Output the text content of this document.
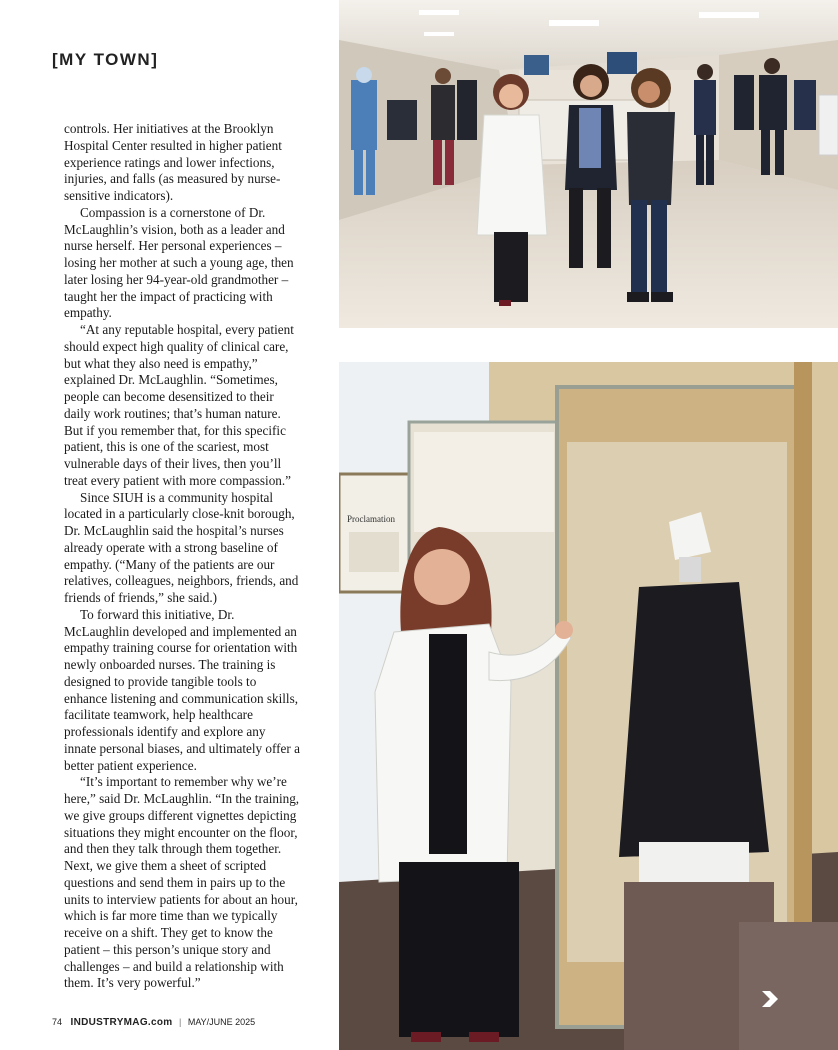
[MY TOWN]

controls. Her initiatives at the Brooklyn Hospital Center resulted in higher patient experience ratings and lower infections, injuries, and falls (as measured by nurse-sensitive indicators).

Compassion is a cornerstone of Dr. McLaughlin’s vision, both as a leader and nurse herself. Her personal experiences – losing her mother at such a young age, then later losing her 94-year-old grandmother – taught her the impact of practicing with empathy.

“At any reputable hospital, every patient should expect high quality of clinical care, but what they also need is empathy,” explained Dr. McLaughlin. “Sometimes, people can become desensitized to their daily work routines; that’s human nature. But if you remember that, for this specific patient, this is one of the scariest, most vulnerable days of their lives, then you’ll treat every patient with more compassion.”

Since SIUH is a community hospital located in a particularly close-knit borough, Dr. McLaughlin said the hospital’s nurses already operate with a strong baseline of empathy. (“Many of the patients are our relatives, colleagues, neighbors, friends, and friends of friends,” she said.)

To forward this initiative, Dr. McLaughlin developed and implemented an empathy training course for orientation with newly onboarded nurses. The training is designed to provide tangible tools to enhance listening and communication skills, facilitate teamwork, help healthcare professionals identify and explore any innate personal biases, and ultimately offer a better patient experience.

“It’s important to remember why we’re here,” said Dr. McLaughlin. “In the training, we give groups different vignettes depicting situations they might encounter on the floor, and then they talk through them together. Next, we give them a sheet of scripted questions and send them in pairs up to the units to interview patients for about an hour, which is far more time than we typically receive on a shift. They get to know the patient – this person’s unique story and challenges – and build a relationship with them. It’s very powerful.”

Proclamation
74 INDUSTRYMAG.com | MAY/JUNE 2025
